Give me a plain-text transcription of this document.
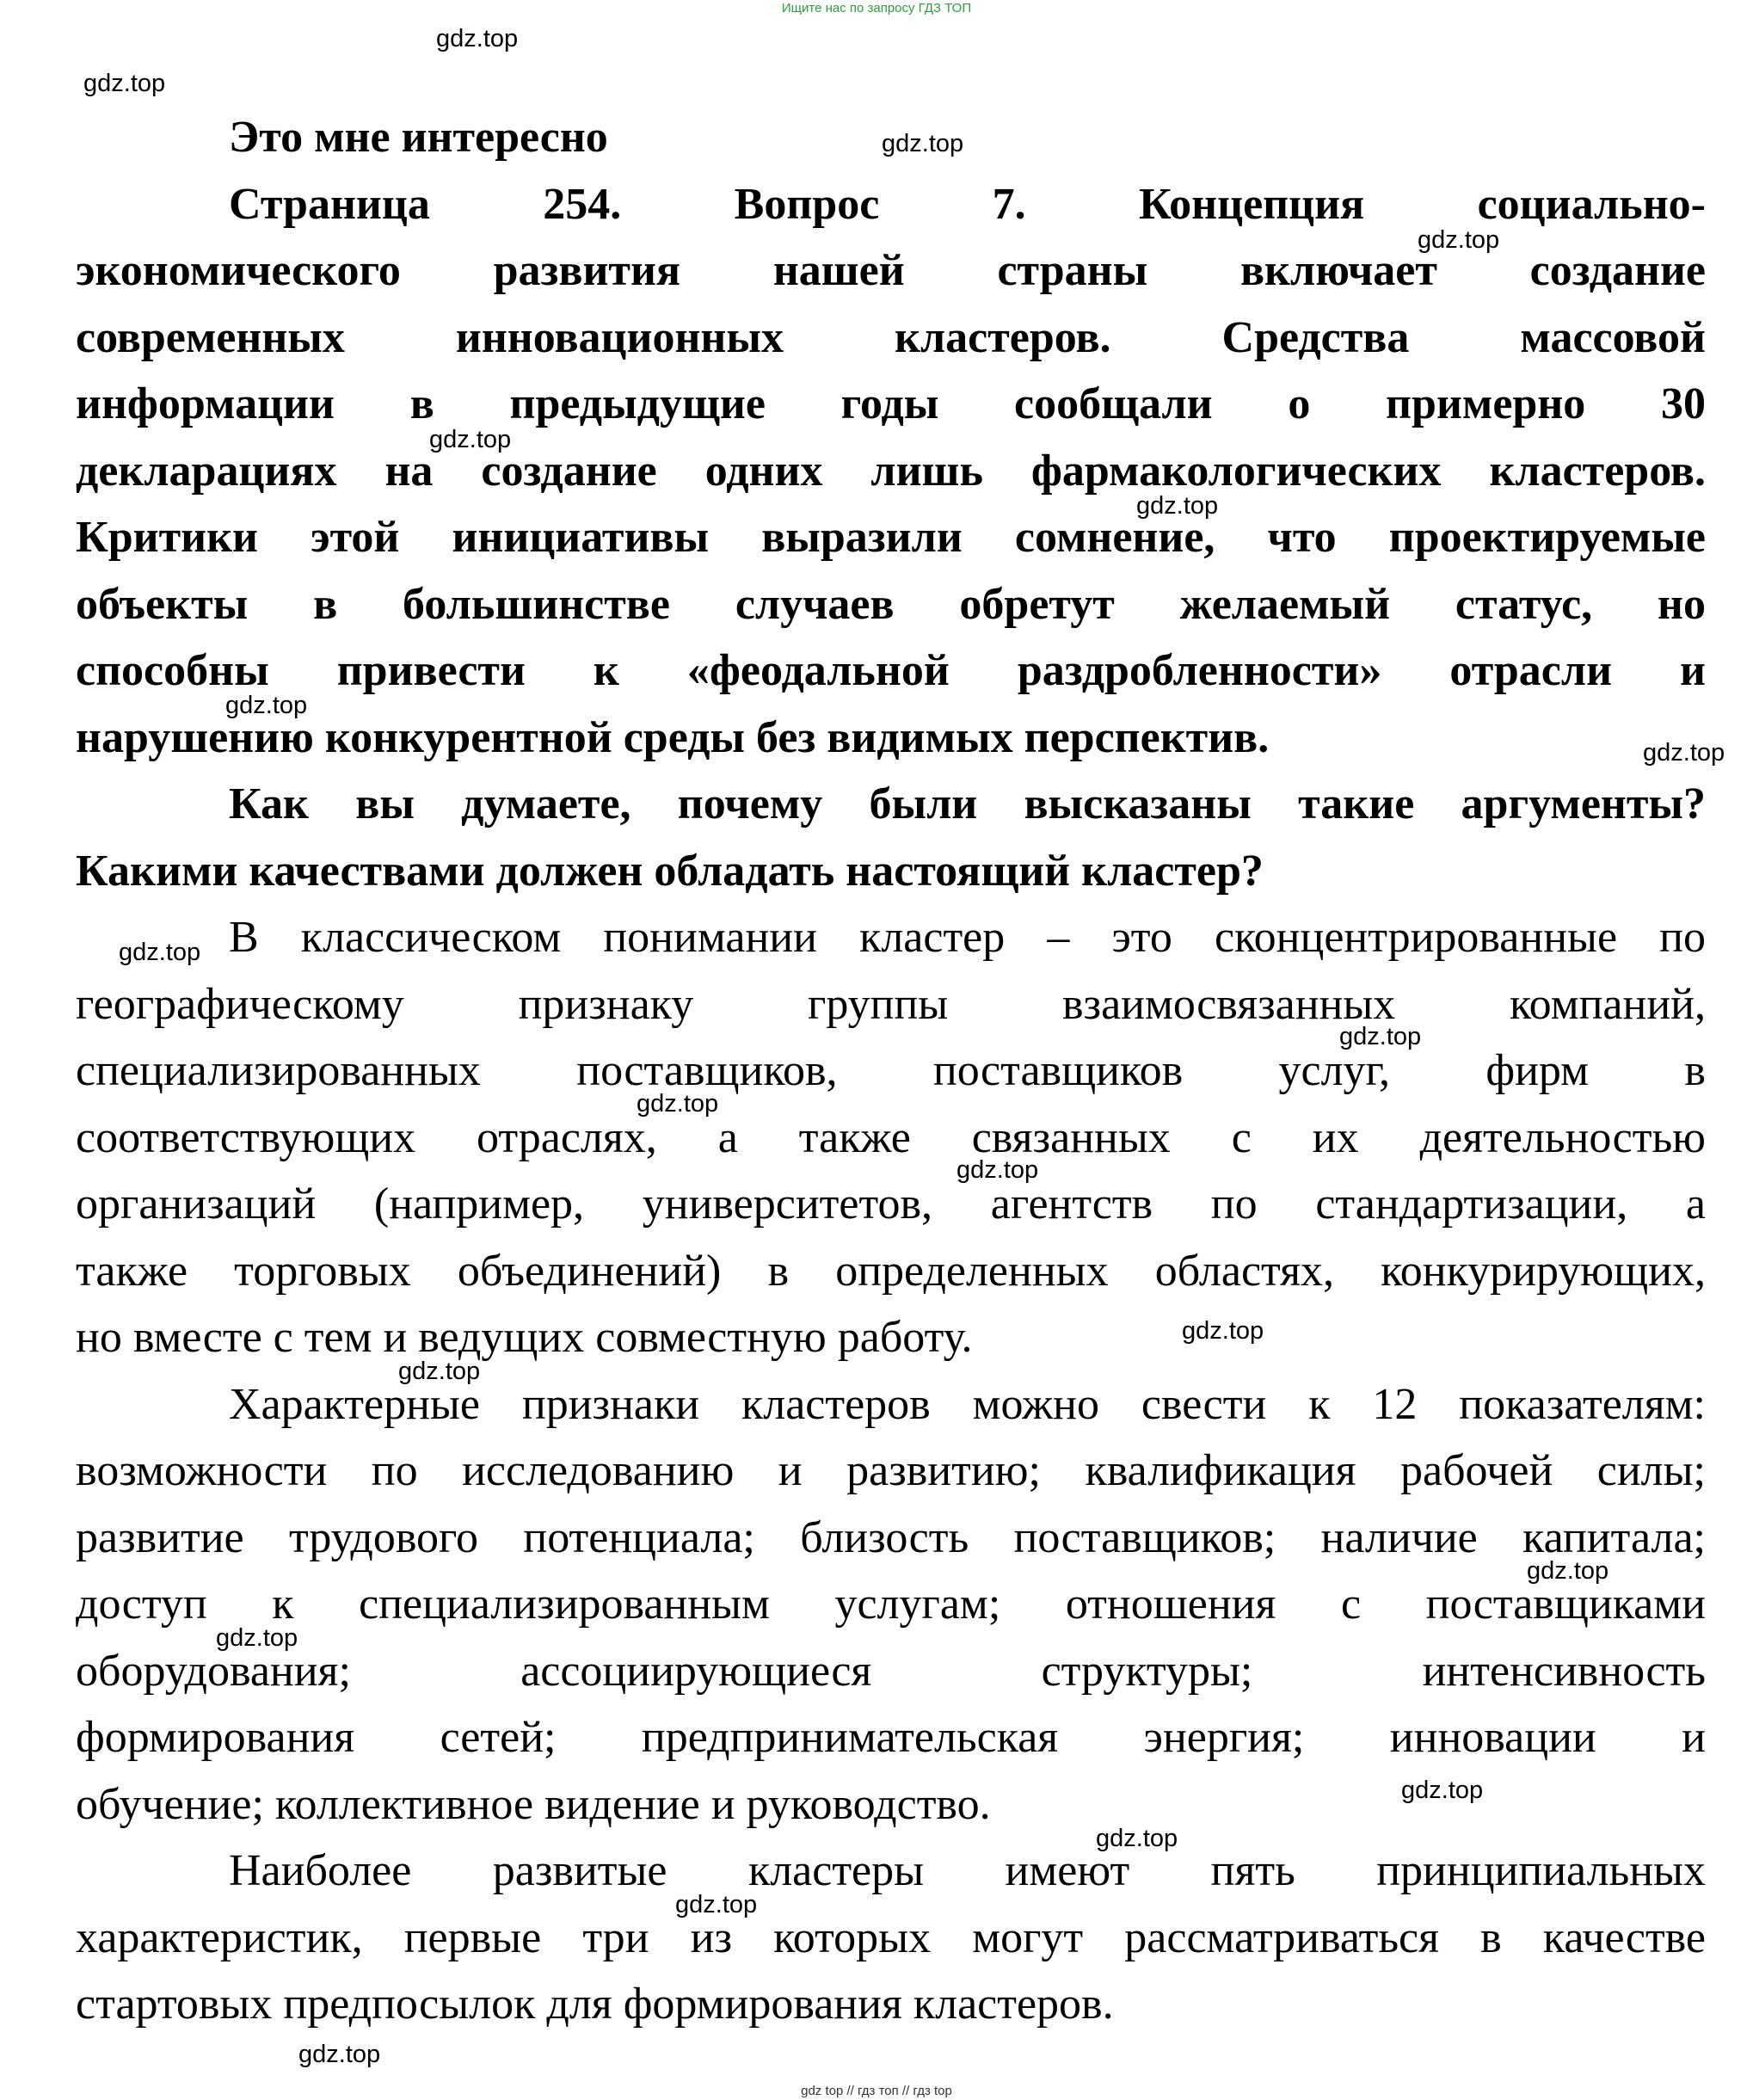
Ищите нас по запросу ГДЗ ТОП
gdz.top
gdz.top
gdz.top
gdz.top
gdz.top
gdz.top
gdz.top
gdz.top
gdz.top
gdz.top
gdz.top
gdz.top
gdz.top
gdz.top
gdz.top
gdz.top
gdz.top
gdz.top
gdz.top
gdz.top
Это мне интересно
Страница 254. Вопрос 7. Концепция социально-
экономического развития нашей страны включает создание
современных инновационных кластеров. Средства массовой
информации в предыдущие годы сообщали о примерно 30
декларациях на создание одних лишь фармакологических кластеров.
Критики этой инициативы выразили сомнение, что проектируемые
объекты в большинстве случаев обретут желаемый статус, но
способны привести к «феодальной раздробленности» отрасли и
нарушению конкурентной среды без видимых перспектив.
Как вы думаете, почему были высказаны такие аргументы?
Какими качествами должен обладать настоящий кластер?
В классическом понимании кластер – это сконцентрированные по
географическому признаку группы взаимосвязанных компаний,
специализированных поставщиков, поставщиков услуг, фирм в
соответствующих отраслях, а также связанных с их деятельностью
организаций (например, университетов, агентств по стандартизации, а
также торговых объединений) в определенных областях, конкурирующих,
но вместе с тем и ведущих совместную работу.
Характерные признаки кластеров можно свести к 12 показателям:
возможности по исследованию и развитию; квалификация рабочей силы;
развитие трудового потенциала; близость поставщиков; наличие капитала;
доступ к специализированным услугам; отношения с поставщиками
оборудования; ассоциирующиеся структуры; интенсивность
формирования сетей; предпринимательская энергия; инновации и
обучение; коллективное видение и руководство.
Наиболее развитые кластеры имеют пять принципиальных
характеристик, первые три из которых могут рассматриваться в качестве
стартовых предпосылок для формирования кластеров.
gdz top // гдз топ // гдз top
